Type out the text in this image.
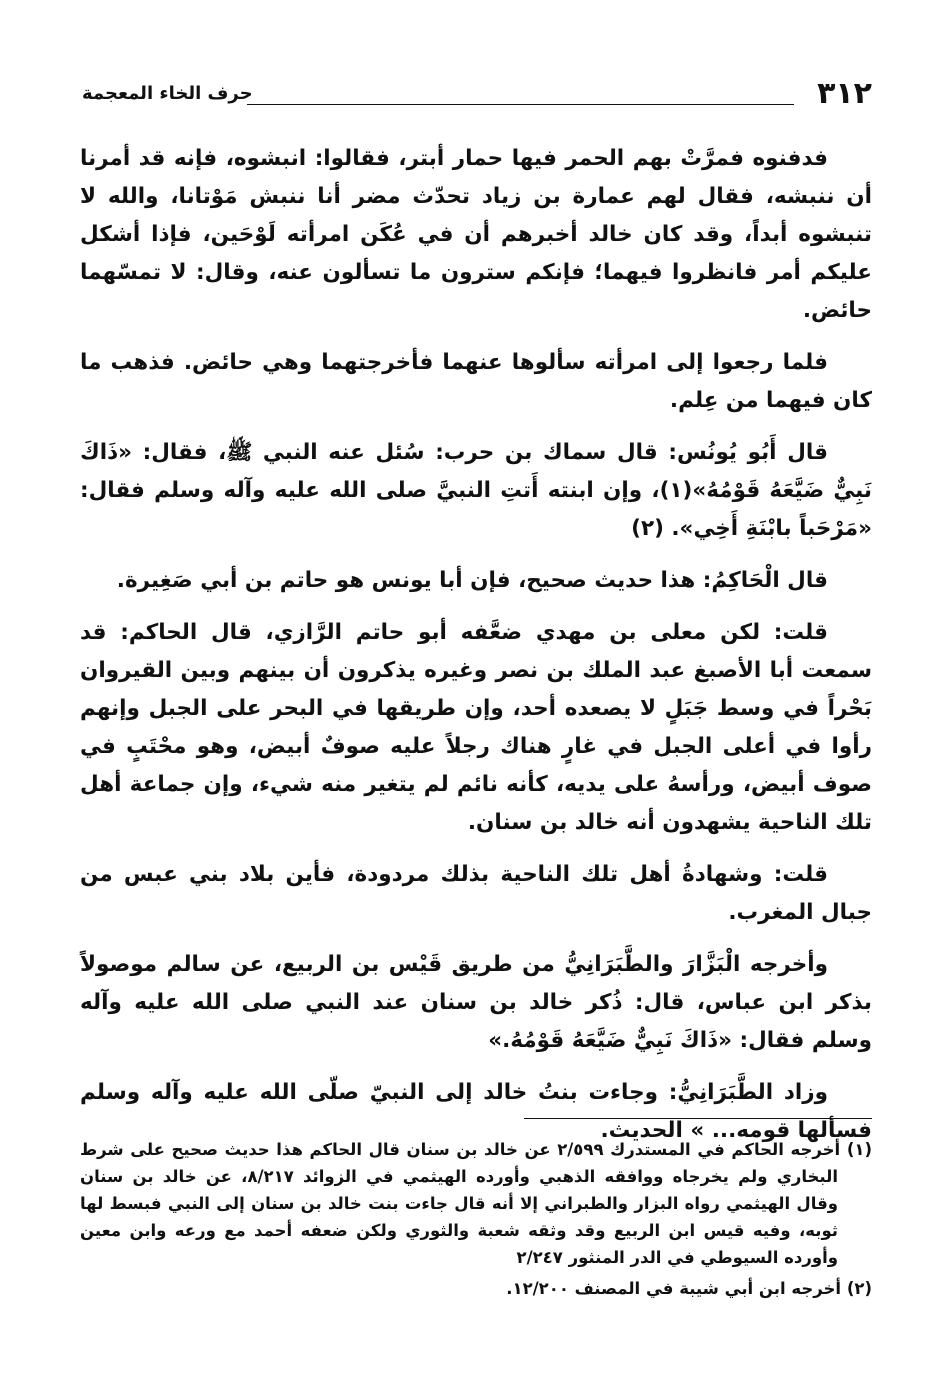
٣١٢
حرف الخاء المعجمة

فدفنوه فمرَّتْ بهم الحمر فيها حمار أبتر، فقالوا: انبشوه، فإنه قد أمرنا أن ننبشه، فقال لهم عمارة بن زياد تحدّث مضر أنا ننبش مَوْتانا، والله لا تنبشوه أبداً، وقد كان خالد أخبرهم أن في عُكَن امرأته لَوْحَين، فإذا أشكل عليكم أمر فانظروا فيهما؛ فإنكم سترون ما تسألون عنه، وقال: لا تمسّهما حائض.

فلما رجعوا إلى امرأته سألوها عنهما فأخرجتهما وهي حائض. فذهب ما كان فيهما من عِلم.

قال أَبُو يُونُس: قال سماك بن حرب: سُئل عنه النبي ﷺ، فقال: «ذَاكَ نَبِيٌّ ضَيَّعَهُ قَوْمُهُ»(١)، وإن ابنته أَتتِ النبيَّ صلى الله عليه وآله وسلم فقال: «مَرْحَباً بابْنَةِ أَخِي». (٢)

قال الْحَاكِمُ: هذا حديث صحيح، فإن أبا يونس هو حاتم بن أبي صَغِيرة.

قلت: لكن معلى بن مهدي ضعَّفه أبو حاتم الرَّازي، قال الحاكم: قد سمعت أبا الأصبغ عبد الملك بن نصر وغيره يذكرون أن بينهم وبين القيروان بَحْراً في وسط جَبَلٍ لا يصعده أحد، وإن طريقها في البحر على الجبل وإنهم رأوا في أعلى الجبل في غارٍ هناك رجلاً عليه صوفٌ أبيض، وهو محْتَبٍ في صوف أبيض، ورأسهُ على يديه، كأنه نائم لم يتغير منه شيء، وإن جماعة أهل تلك الناحية يشهدون أنه خالد بن سنان.

قلت: وشهادةُ أهل تلك الناحية بذلك مردودة، فأين بلاد بني عبس من جبال المغرب.

وأخرجه الْبَزَّارَ والطَّبَرَانِيُّ من طريق قَيْس بن الربيع، عن سالم موصولاً بذكر ابن عباس، قال: ذُكر خالد بن سنان عند النبي صلى الله عليه وآله وسلم فقال: «ذَاكَ نَبِيٌّ ضَيَّعَهُ قَوْمُهُ.»

وزاد الطَّبَرَانِيُّ: وجاءت بنتُ خالد إلى النبيّ صلّى الله عليه وآله وسلم فسألها قومه... » الحديث.

(١) أخرجه الحاكم في المستدرك ٢/٥٩٩ عن خالد بن سنان قال الحاكم هذا حديث صحيح على شرط البخاري ولم يخرجاه ووافقه الذهبي وأورده الهيثمي في الزوائد ٨/٢١٧، عن خالد بن سنان وقال الهيثمي رواه البزار والطبراني إلا أنه قال جاءت بنت خالد بن سنان إلى النبي فبسط لها ثوبه، وفيه قيس ابن الربيع وقد وثقه شعبة والثوري ولكن ضعفه أحمد مع ورعه وابن معين وأورده السيوطي في الدر المنثور ٢/٢٤٧

(٢) أخرجه ابن أبي شيبة في المصنف ١٢/٢٠٠.
